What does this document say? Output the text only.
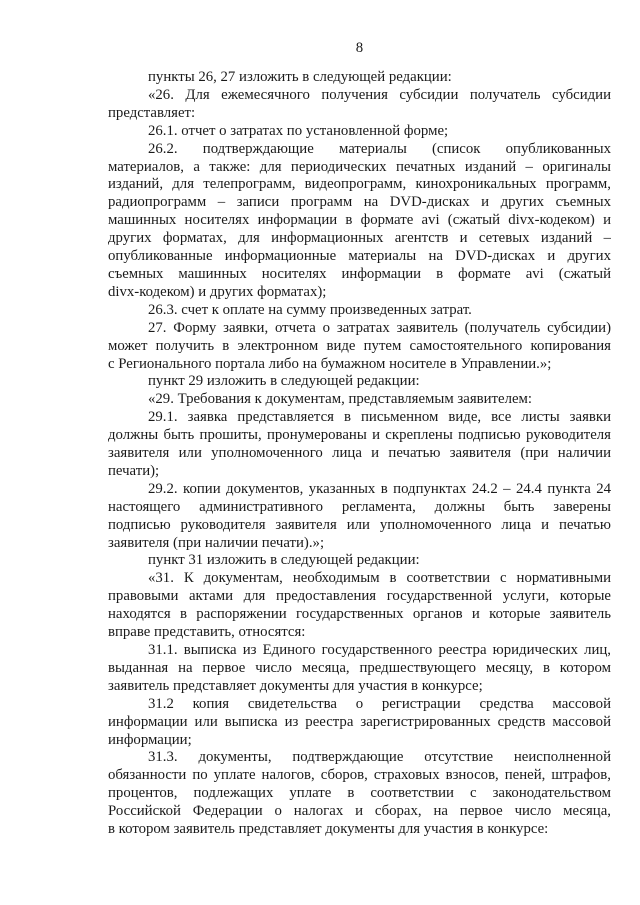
8
пункты 26, 27 изложить в следующей редакции:
«26. Для ежемесячного получения субсидии получатель субсидии
представляет:
26.1. отчет о затратах по установленной форме;
26.2. подтверждающие материалы (список опубликованных
материалов, а также: для периодических печатных изданий – оригиналы
изданий, для телепрограмм, видеопрограмм, кинохроникальных программ,
радиопрограмм – записи программ на DVD-дисках и других съемных
машинных носителях информации в формате avi (сжатый divx-кодеком) и
других форматах, для информационных агентств и сетевых изданий –
опубликованные информационные материалы на DVD-дисках и других
съемных машинных носителях информации в формате avi (сжатый
divx-кодеком) и других форматах);
26.3. счет к оплате на сумму произведенных затрат.
27. Форму заявки, отчета о затратах заявитель (получатель субсидии)
может получить в электронном виде путем самостоятельного копирования
с Регионального портала либо на бумажном носителе в Управлении.»;
пункт 29 изложить в следующей редакции:
«29. Требования к документам, представляемым заявителем:
29.1. заявка представляется в письменном виде, все листы заявки
должны быть прошиты, пронумерованы и скреплены подписью руководителя
заявителя или уполномоченного лица и печатью заявителя (при наличии
печати);
29.2. копии документов, указанных в подпунктах 24.2 – 24.4 пункта 24
настоящего административного регламента, должны быть заверены
подписью руководителя заявителя или уполномоченного лица и печатью
заявителя (при наличии печати).»;
пункт 31 изложить в следующей редакции:
«31. К документам, необходимым в соответствии с нормативными
правовыми актами для предоставления государственной услуги, которые
находятся в распоряжении государственных органов и которые заявитель
вправе представить, относятся:
31.1. выписка из Единого государственного реестра юридических лиц,
выданная на первое число месяца, предшествующего месяцу, в котором
заявитель представляет документы для участия в конкурсе;
31.2 копия свидетельства о регистрации средства массовой
информации или выписка из реестра зарегистрированных средств массовой
информации;
31.3. документы, подтверждающие отсутствие неисполненной
обязанности по уплате налогов, сборов, страховых взносов, пеней, штрафов,
процентов, подлежащих уплате в соответствии с законодательством
Российской Федерации о налогах и сборах, на первое число месяца,
в котором заявитель представляет документы для участия в конкурсе:
